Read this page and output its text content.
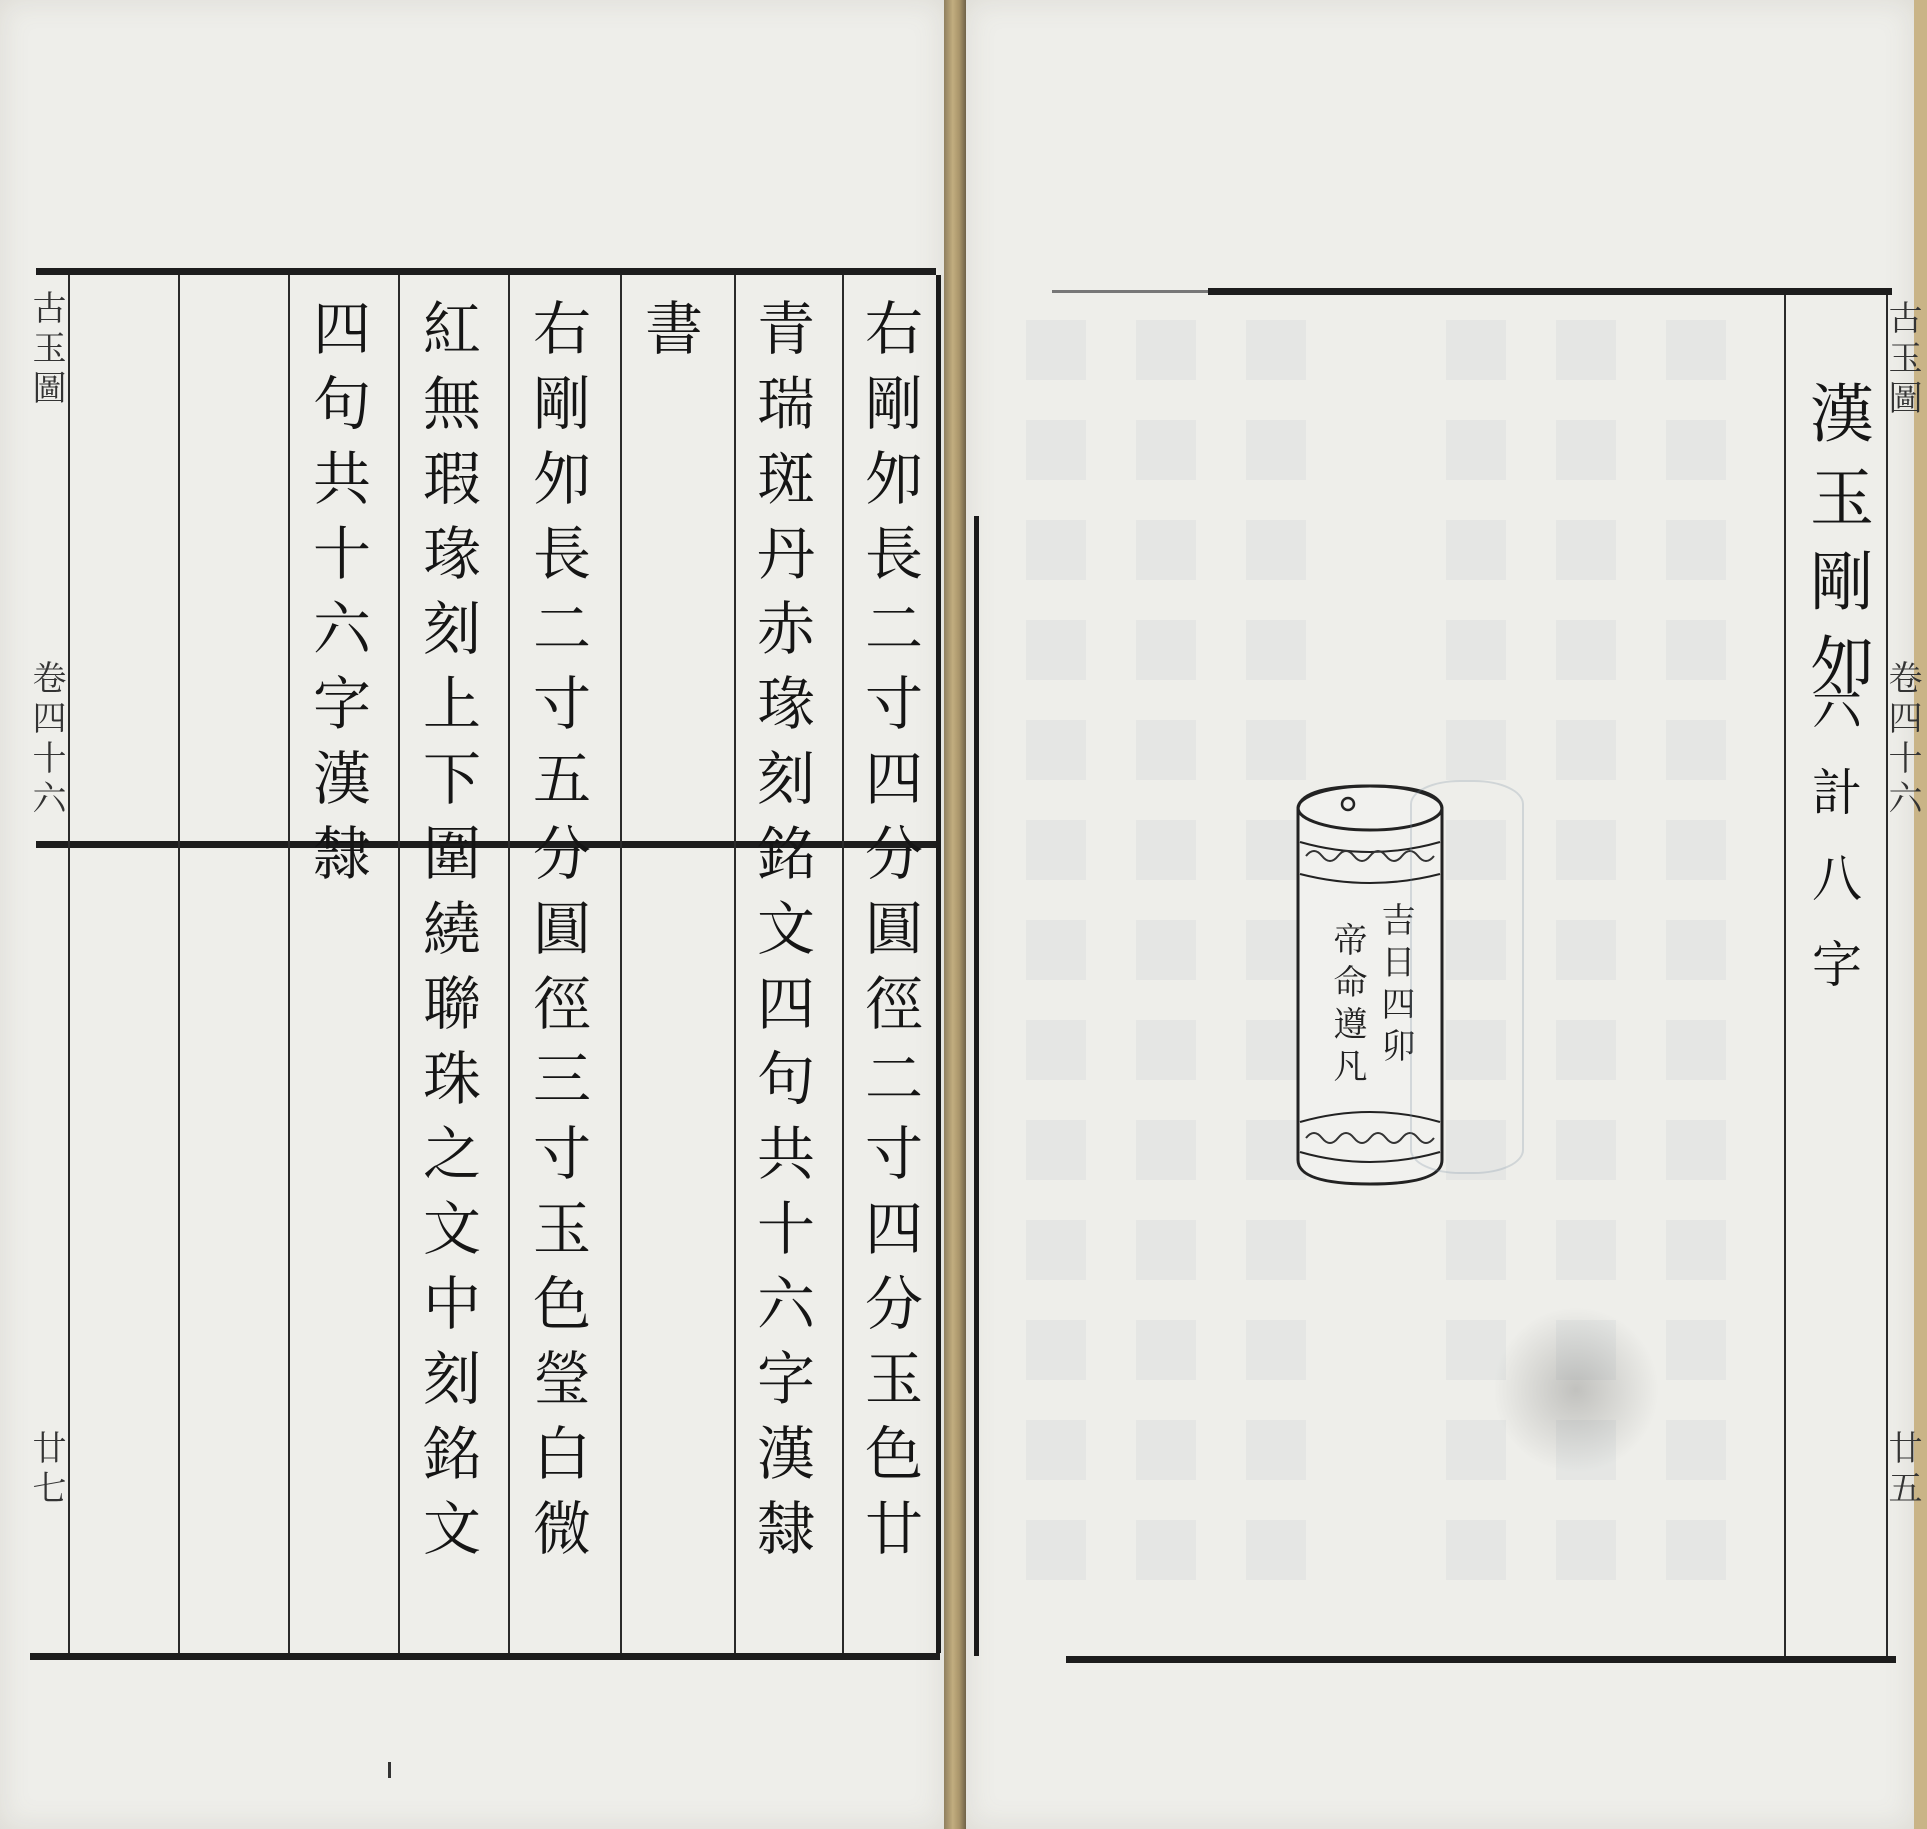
古玉圖
卷四十六
廿七	右剛夘長二寸四分圓徑二寸四分玉色廿
青瑞斑丹赤瑑刻銘文四句共十六字漢隸
書
右剛夘長二寸五分圓徑三寸玉色瑩白微
紅無瑕瑑刻上下圍繞聯珠之文中刻銘文
四句共十六字漢隸	漢玉剛夘
六計八字
古玉圖
卷四十六
廿五
吉日四卯
帝命遵凡
